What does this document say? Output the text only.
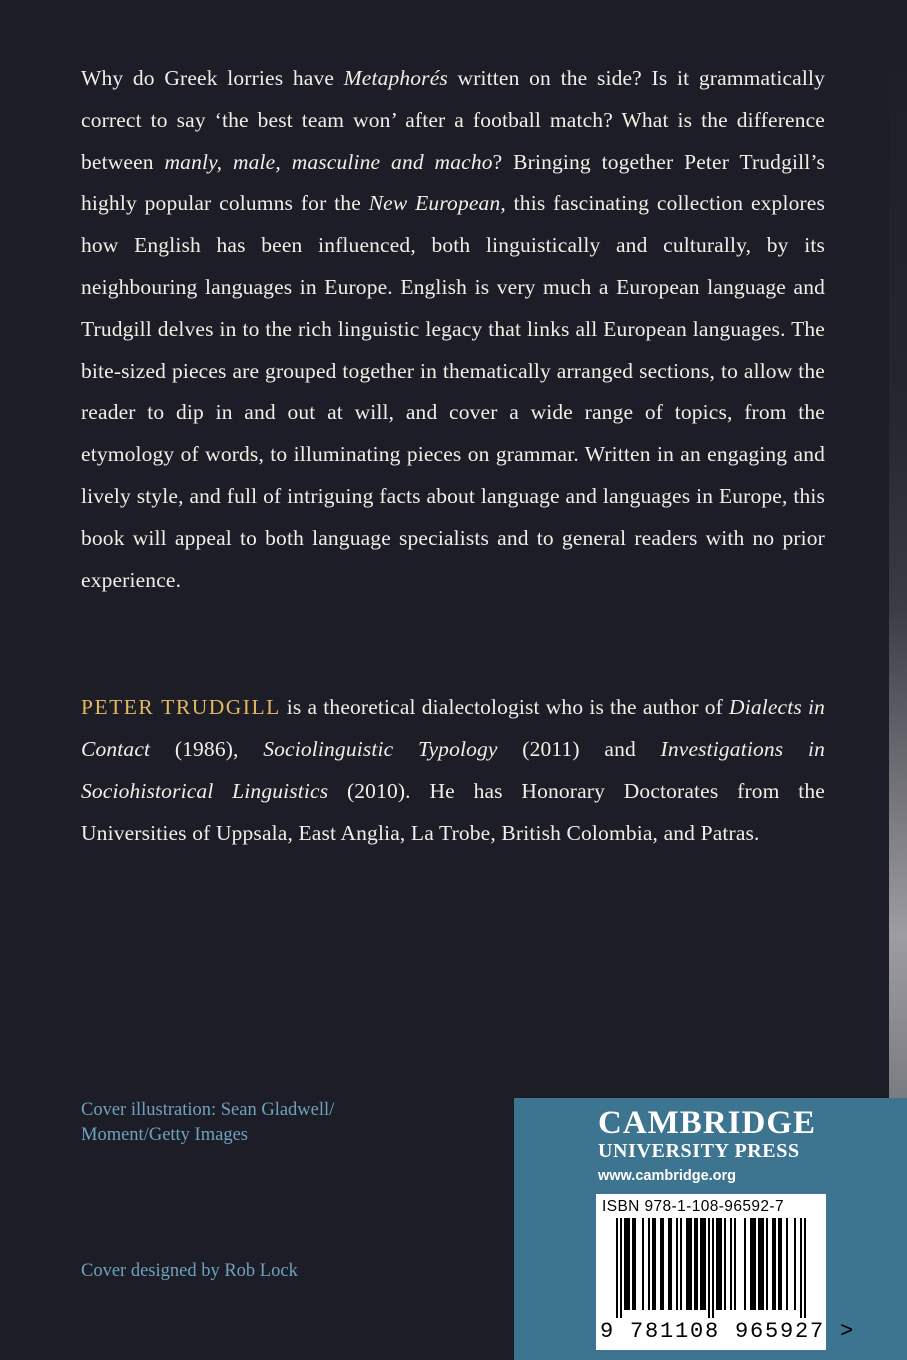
Why do Greek lorries have Metaphorés written on the side? Is it grammatically correct to say ‘the best team won’ after a football match? What is the difference between manly, male, masculine and macho? Bringing together Peter Trudgill’s highly popular columns for the New European, this fascinating collection explores how English has been influenced, both linguistically and culturally, by its neighbouring languages in Europe. English is very much a European language and Trudgill delves in to the rich linguistic legacy that links all European languages. The bite-sized pieces are grouped together in thematically arranged sections, to allow the reader to dip in and out at will, and cover a wide range of topics, from the etymology of words, to illuminating pieces on grammar. Written in an engaging and lively style, and full of intriguing facts about language and languages in Europe, this book will appeal to both language specialists and to general readers with no prior experience.

PETER TRUDGILL is a theoretical dialectologist who is the author of Dialects in Contact (1986), Sociolinguistic Typology (2011) and Investigations in Sociohistorical Linguistics (2010). He has Honorary Doctorates from the Universities of Uppsala, East Anglia, La Trobe, British Colombia, and Patras.

Cover illustration: Sean Gladwell/
Moment/Getty Images
Cover designed by Rob Lock

CAMBRIDGE

UNIVERSITY PRESS

www.cambridge.org

ISBN 978-1-108-96592-7

9 781108 965927 >
